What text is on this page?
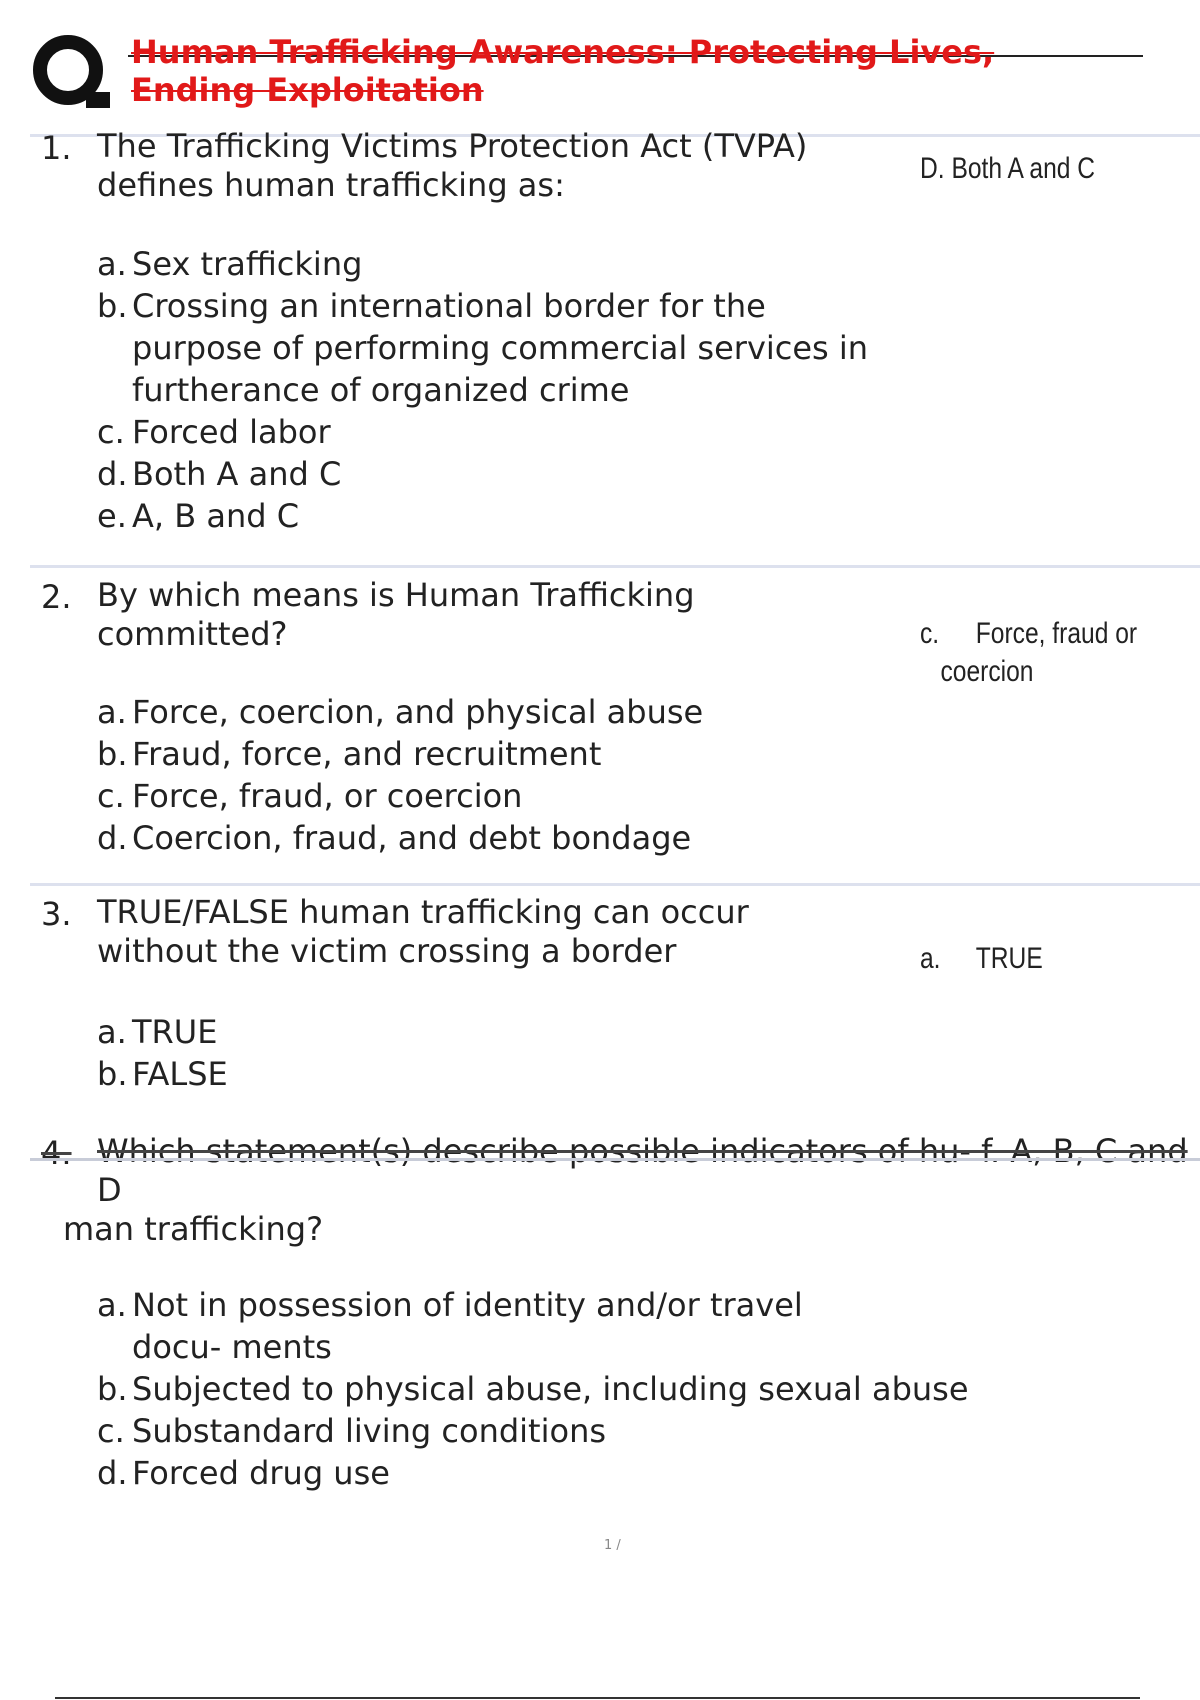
Human Trafficking Awareness: Protecting Lives,
Ending Exploitation
1. The Trafficking Victims Protection Act (TVPA)
defines human trafficking as:	D. Both A and C
a. Sex trafficking
b. Crossing an international border for the purpose of performing commercial services in furtherance of organized crime
c. Forced labor
d. Both A and C
e. A, B and C
2. By which means is Human Trafficking
committed?	c. Force, fraud or
coercion
a. Force, coercion, and physical abuse
b. Fraud, force, and recruitment
c. Force, fraud, or coercion
d. Coercion, fraud, and debt bondage
3. TRUE/FALSE human trafficking can occur
without the victim crossing a border	a. TRUE
a. TRUE
b. FALSE
4. Which statement(s) describe possible indicators of hu- f. A, B, C and
D
man trafficking?
a. Not in possession of identity and/or travel docu- ments
b. Subjected to physical abuse, including sexual abuse
c. Substandard living conditions
d. Forced drug use
1 /
